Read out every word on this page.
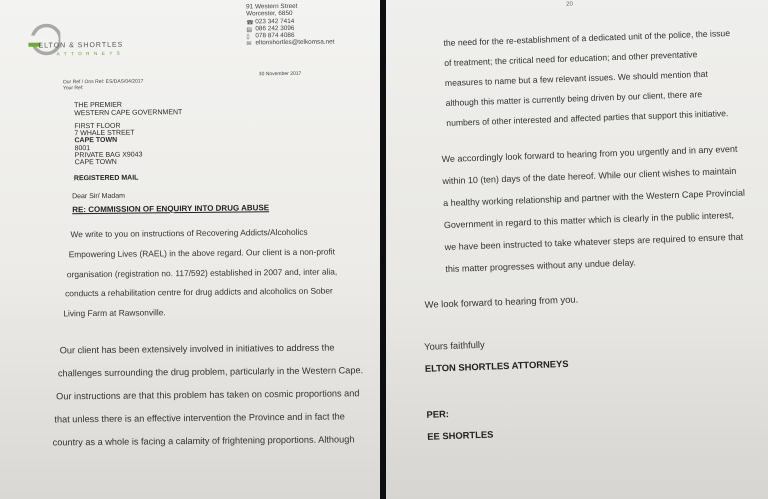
ELTON & SHORTLES
A T T O R N E Y S
91 Western Street
Worcester, 6850
023 342 7414
086 242 3096
078 874 4086
eltonshortles@telkomsa.net
☎
▤
▯
✉
Our Ref / Ons Ref: ES/DAS/04/2017
Your Ref:
30 November 2017
THE PREMIER
WESTERN CAPE GOVERNMENT
FIRST FLOOR
7 WHALE STREET
CAPE TOWN
8001
PRIVATE BAG X9043
CAPE TOWN
REGISTERED MAIL
Dear Sir/ Madam
RE: COMMISSION OF ENQUIRY INTO DRUG ABUSE
We write to you on instructions of Recovering Addicts/Alcoholics
Empowering Lives (RAEL) in the above regard. Our client is a non-profit
organisation (registration no. 117/592) established in 2007 and, inter alia,
conducts a rehabilitation centre for drug addicts and alcoholics on Sober
Living Farm at Rawsonville.
Our client has been extensively involved in initiatives to address the
challenges surrounding the drug problem, particularly in the Western Cape.
Our instructions are that this problem has taken on cosmic proportions and
that unless there is an effective intervention the Province and in fact the
country as a whole is facing a calamity of frightening proportions. Although
20
the need for the re-establishment of a dedicated unit of the police, the issue
of treatment; the critical need for education; and other preventative
measures to name but a few relevant issues. We should mention that
although this matter is currently being driven by our client, there are
numbers of other interested and affected parties that support this initiative.
We accordingly look forward to hearing from you urgently and in any event
within 10 (ten) days of the date hereof. While our client wishes to maintain
a healthy working relationship and partner with the Western Cape Provincial
Government in regard to this matter which is clearly in the public interest,
we have been instructed to take whatever steps are required to ensure that
this matter progresses without any undue delay.
We look forward to hearing from you.
Yours faithfully
ELTON SHORTLES ATTORNEYS
PER:
EE SHORTLES
